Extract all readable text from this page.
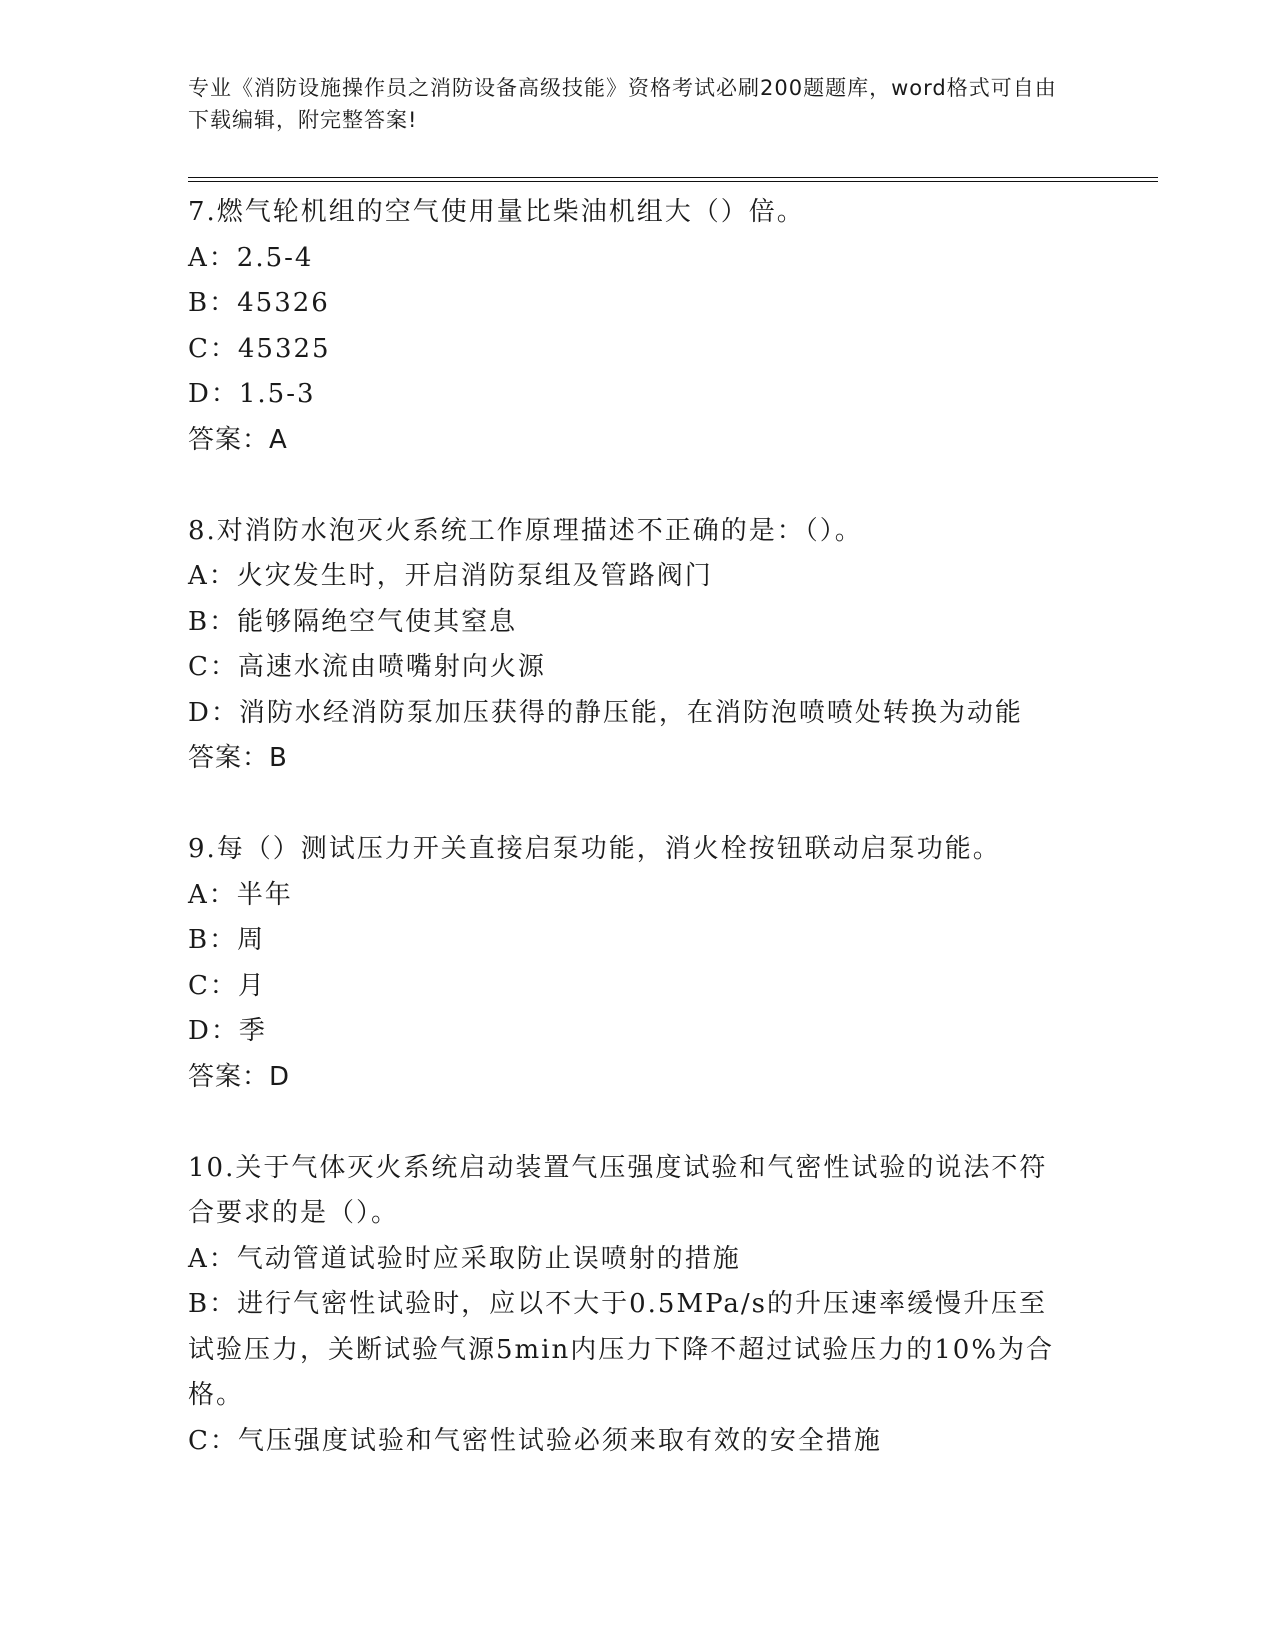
专业《消防设施操作员之消防设备高级技能》资格考试必刷200题题库，word格式可自由下载编辑，附完整答案!
7.燃气轮机组的空气使用量比柴油机组大（）倍。
A：2.5-4
B：45326
C：45325
D：1.5-3
答案：A
8.对消防水泡灭火系统工作原理描述不正确的是：（）。
A：火灾发生时，开启消防泵组及管路阀门
B：能够隔绝空气使其窒息
C：高速水流由喷嘴射向火源
D：消防水经消防泵加压获得的静压能，在消防泡喷喷处转换为动能
答案：B
9.每（）测试压力开关直接启泵功能，消火栓按钮联动启泵功能。
A：半年
B：周
C：月
D：季
答案：D
10.关于气体灭火系统启动装置气压强度试验和气密性试验的说法不符合要求的是（）。
A：气动管道试验时应采取防止误喷射的措施
B：进行气密性试验时，应以不大于0.5MPa/s的升压速率缓慢升压至试验压力，关断试验气源5min内压力下降不超过试验压力的10%为合格。
C：气压强度试验和气密性试验必须来取有效的安全措施
